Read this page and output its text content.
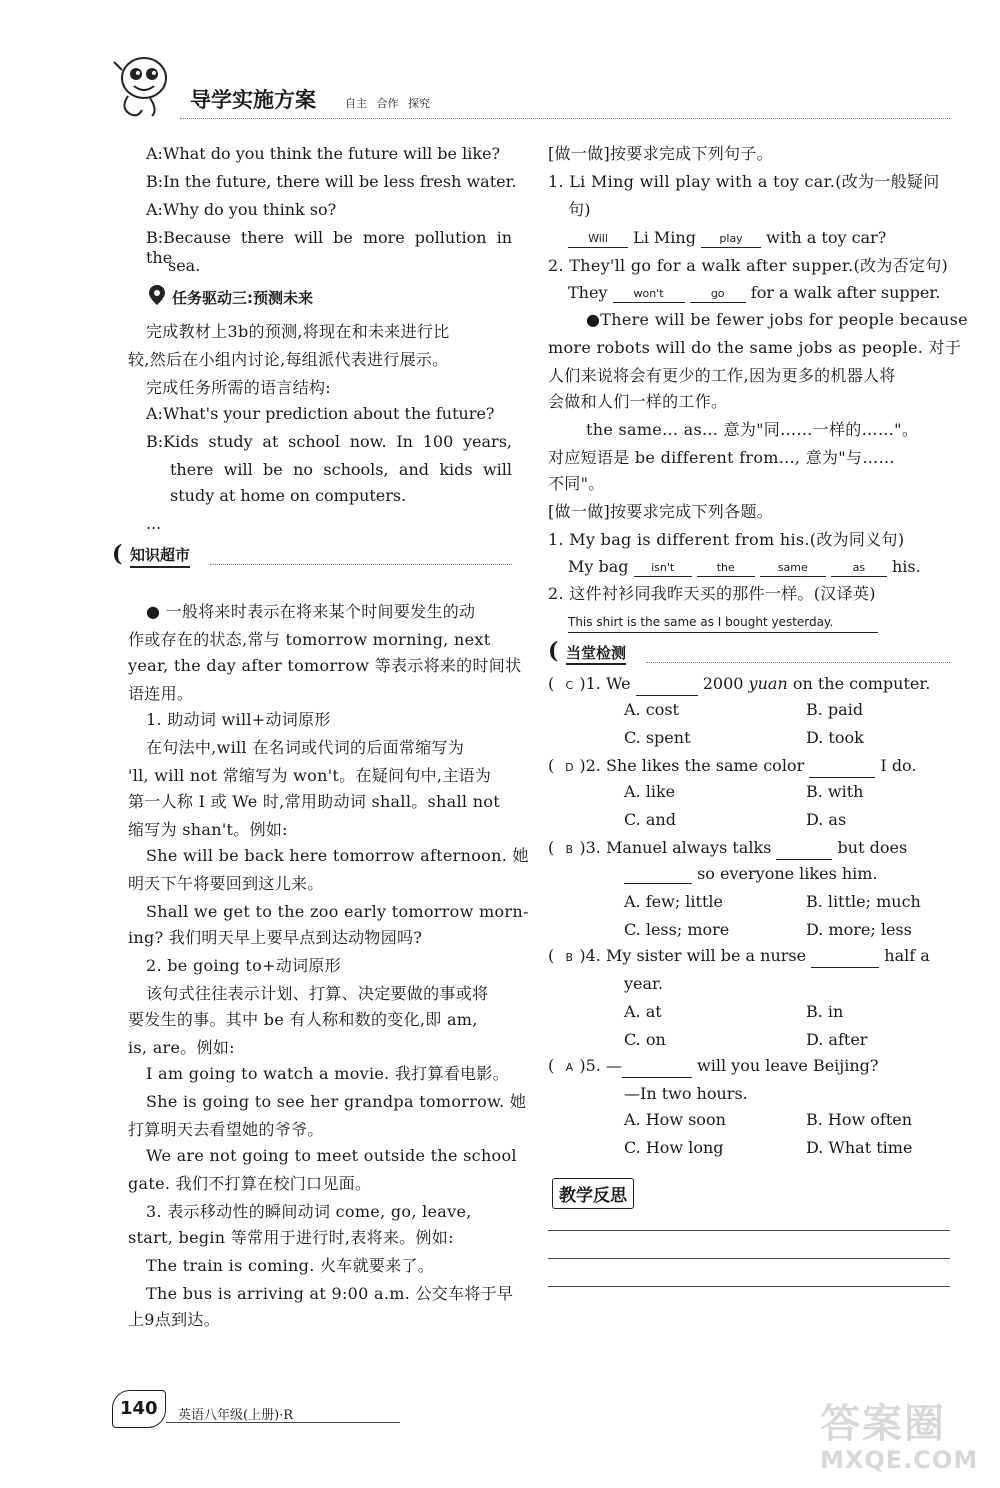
导学实施方案	自主 合作 探究
A:What do you think the future will be like?
B:In the future, there will be less fresh water.
A:Why do you think so?
B:Because there will be more pollution in the
sea.
任务驱动三:预测未来
完成教材上3b的预测,将现在和未来进行比
较,然后在小组内讨论,每组派代表进行展示。
完成任务所需的语言结构:
A:What's your prediction about the future?
B:Kids study at school now. In 100 years,
there will be no schools, and kids will
study at home on computers.
...
( 知识超市
● 一般将来时表示在将来某个时间要发生的动
作或存在的状态,常与 tomorrow morning, next
year, the day after tomorrow 等表示将来的时间状
语连用。
1. 助动词 will+动词原形
在句法中,will 在名词或代词的后面常缩写为
'll, will not 常缩写为 won't。在疑问句中,主语为
第一人称 I 或 We 时,常用助动词 shall。shall not
缩写为 shan't。例如:
She will be back here tomorrow afternoon. 她
明天下午将要回到这儿来。
Shall we get to the zoo early tomorrow morn-
ing? 我们明天早上要早点到达动物园吗?
2. be going to+动词原形
该句式往往表示计划、打算、决定要做的事或将
要发生的事。其中 be 有人称和数的变化,即 am,
is, are。例如:
I am going to watch a movie. 我打算看电影。
She is going to see her grandpa tomorrow. 她
打算明天去看望她的爷爷。
We are not going to meet outside the school
gate. 我们不打算在校门口见面。
3. 表示移动性的瞬间动词 come, go, leave,
start, begin 等常用于进行时,表将来。例如:
The train is coming. 火车就要来了。
The bus is arriving at 9:00 a.m. 公交车将于早
上9点到达。
[做一做]按要求完成下列句子。
1. Li Ming will play with a toy car.(改为一般疑问
句)
Will Li Ming play with a toy car?
2. They'll go for a walk after supper.(改为否定句)
They won't	go for a walk after supper.
●There will be fewer jobs for people because
more robots will do the same jobs as people. 对于
人们来说将会有更少的工作,因为更多的机器人将
会做和人们一样的工作。
the same... as... 意为"同……一样的……"。
对应短语是 be different from..., 意为"与……
不同"。
[做一做]按要求完成下列各题。
1. My bag is different from his.(改为同义句)
My bag isn't	the	same	as his.
2. 这件衬衫同我昨天买的那件一样。(汉译英)
This shirt is the same as I bought yesterday.
( 当堂检测
( C )1. We	2000 yuan on the computer.
A. cost	B. paid
C. spent	D. took
( D )2. She likes the same color	I do.
A. like	B. with
C. and	D. as
( B )3. Manuel always talks	but does
so everyone likes him.
A. few; little	B. little; much
C. less; more	D. more; less
( B )4. My sister will be a nurse	half a
year.
A. at	B. in
C. on	D. after
( A )5. —	will you leave Beijing?
—In two hours.
A. How soon	B. How often
C. How long	D. What time
教学反思
140 英语八年级(上册)·R	答案圈
MXQE.COM
